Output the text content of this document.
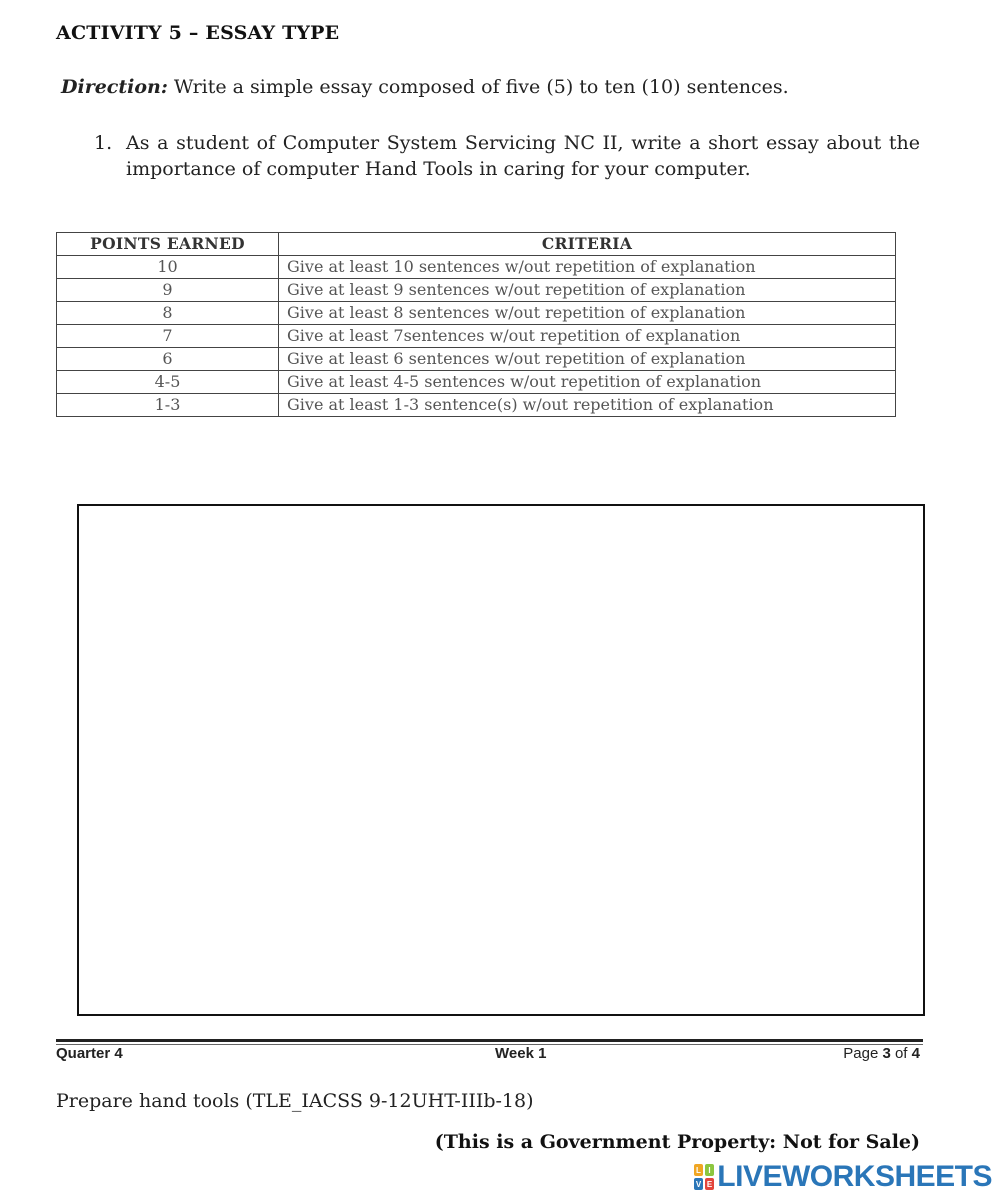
ACTIVITY 5 – ESSAY TYPE
Direction: Write a simple essay composed of five (5) to ten (10) sentences.
1. As a student of Computer System Servicing NC II, write a short essay about the importance of computer Hand Tools in caring for your computer.
POINTS EARNED	CRITERIA
10	Give at least 10 sentences w/out repetition of explanation
9	Give at least 9 sentences w/out repetition of explanation
8	Give at least 8 sentences w/out repetition of explanation
7	Give at least 7sentences w/out repetition of explanation
6	Give at least 6 sentences w/out repetition of explanation
4-5	Give at least 4-5 sentences w/out repetition of explanation
1-3	Give at least 1-3 sentence(s) w/out repetition of explanation
Quarter 4	Week 1	Page 3 of 4
Prepare hand tools (TLE_IACSS 9-12UHT-IIIb-18)
(This is a Government Property: Not for Sale)
L I
V E LIVEWORKSHEETS
